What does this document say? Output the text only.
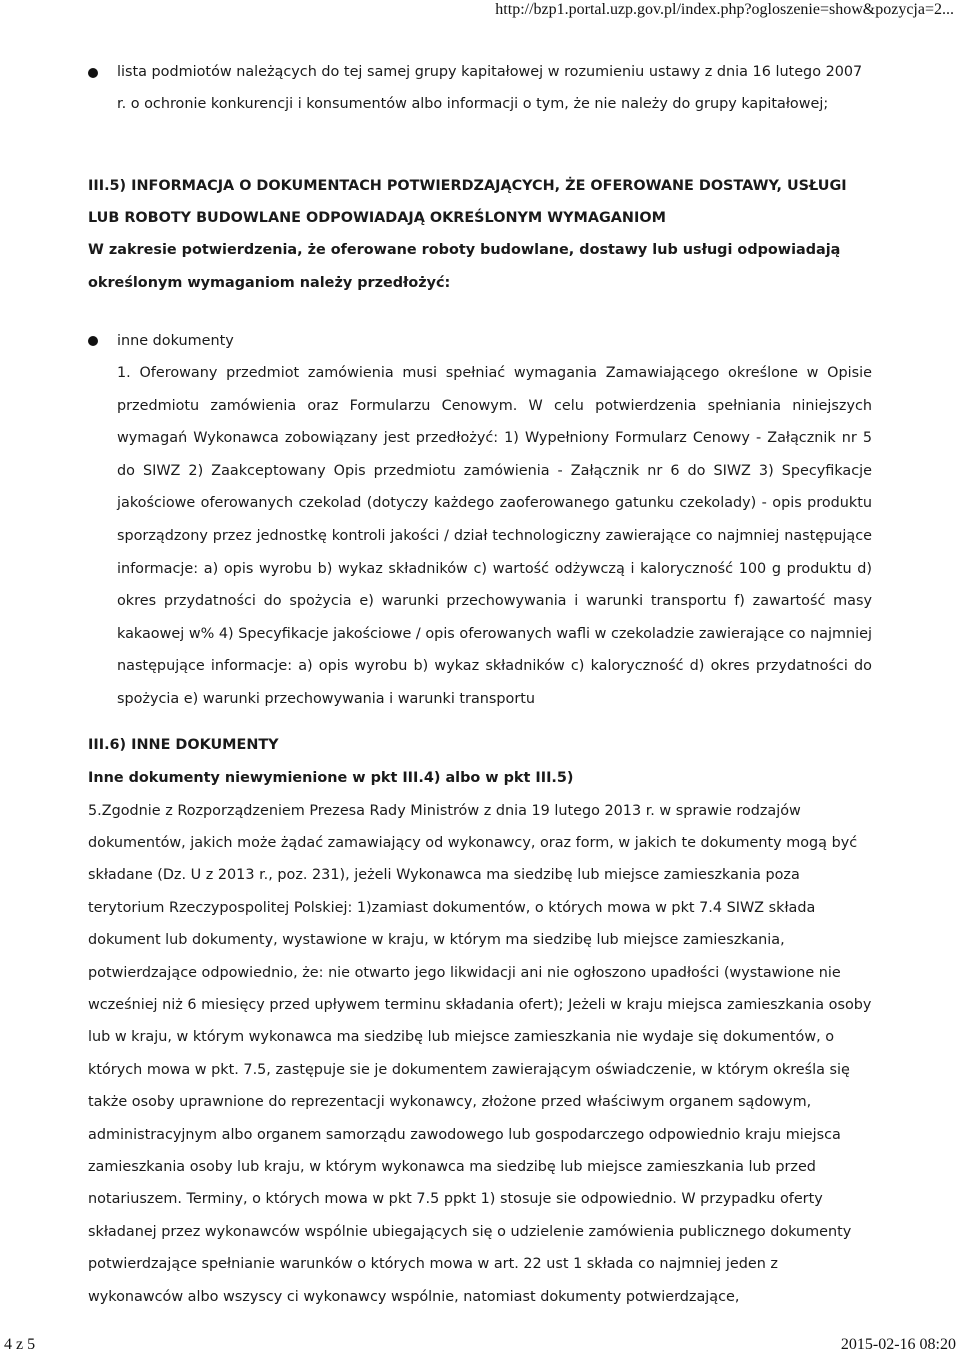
http://bzp1.portal.uzp.gov.pl/index.php?ogloszenie=show&pozycja=2...
lista podmiotów należących do tej samej grupy kapitałowej w rozumieniu ustawy z dnia 16 lutego 2007 r. o ochronie konkurencji i konsumentów albo informacji o tym, że nie należy do grupy kapitałowej;
III.5) INFORMACJA O DOKUMENTACH POTWIERDZAJĄCYCH, ŻE OFEROWANE DOSTAWY, USŁUGI LUB ROBOTY BUDOWLANE ODPOWIADAJĄ OKREŚLONYM WYMAGANIOM
W zakresie potwierdzenia, że oferowane roboty budowlane, dostawy lub usługi odpowiadają określonym wymaganiom należy przedłożyć:
inne dokumenty
1. Oferowany przedmiot zamówienia musi spełniać wymagania Zamawiającego określone w Opisie przedmiotu zamówienia oraz Formularzu Cenowym. W celu potwierdzenia spełniania niniejszych wymagań Wykonawca zobowiązany jest przedłożyć: 1) Wypełniony Formularz Cenowy - Załącznik nr 5 do SIWZ 2) Zaakceptowany Opis przedmiotu zamówienia - Załącznik nr 6 do SIWZ 3) Specyfikacje jakościowe oferowanych czekolad (dotyczy każdego zaoferowanego gatunku czekolady) - opis produktu sporządzony przez jednostkę kontroli jakości / dział technologiczny zawierające co najmniej następujące informacje: a) opis wyrobu b) wykaz składników c) wartość odżywczą i kaloryczność 100 g produktu d) okres przydatności do spożycia e) warunki przechowywania i warunki transportu f) zawartość masy kakaowej w% 4) Specyfikacje jakościowe / opis oferowanych wafli w czekoladzie zawierające co najmniej następujące informacje: a) opis wyrobu b) wykaz składników c) kaloryczność d) okres przydatności do spożycia e) warunki przechowywania i warunki transportu
III.6) INNE DOKUMENTY
Inne dokumenty niewymienione w pkt III.4) albo w pkt III.5)
5.Zgodnie z Rozporządzeniem Prezesa Rady Ministrów z dnia 19 lutego 2013 r. w sprawie rodzajów dokumentów, jakich może żądać zamawiający od wykonawcy, oraz form, w jakich te dokumenty mogą być składane (Dz. U z 2013 r., poz. 231), jeżeli Wykonawca ma siedzibę lub miejsce zamieszkania poza terytorium Rzeczypospolitej Polskiej: 1)zamiast dokumentów, o których mowa w pkt 7.4 SIWZ składa dokument lub dokumenty, wystawione w kraju, w którym ma siedzibę lub miejsce zamieszkania, potwierdzające odpowiednio, że: nie otwarto jego likwidacji ani nie ogłoszono upadłości (wystawione nie wcześniej niż 6 miesięcy przed upływem terminu składania ofert); Jeżeli w kraju miejsca zamieszkania osoby lub w kraju, w którym wykonawca ma siedzibę lub miejsce zamieszkania nie wydaje się dokumentów, o których mowa w pkt. 7.5, zastępuje sie je dokumentem zawierającym oświadczenie, w którym określa się także osoby uprawnione do reprezentacji wykonawcy, złożone przed właściwym organem sądowym, administracyjnym albo organem samorządu zawodowego lub gospodarczego odpowiednio kraju miejsca zamieszkania osoby lub kraju, w którym wykonawca ma siedzibę lub miejsce zamieszkania lub przed notariuszem. Terminy, o których mowa w pkt 7.5 ppkt 1) stosuje sie odpowiednio. W przypadku oferty składanej przez wykonawców wspólnie ubiegających się o udzielenie zamówienia publicznego dokumenty potwierdzające spełnianie warunków o których mowa w art. 22 ust 1 składa co najmniej jeden z wykonawców albo wszyscy ci wykonawcy wspólnie, natomiast dokumenty potwierdzające,
4 z 5	2015-02-16 08:20
